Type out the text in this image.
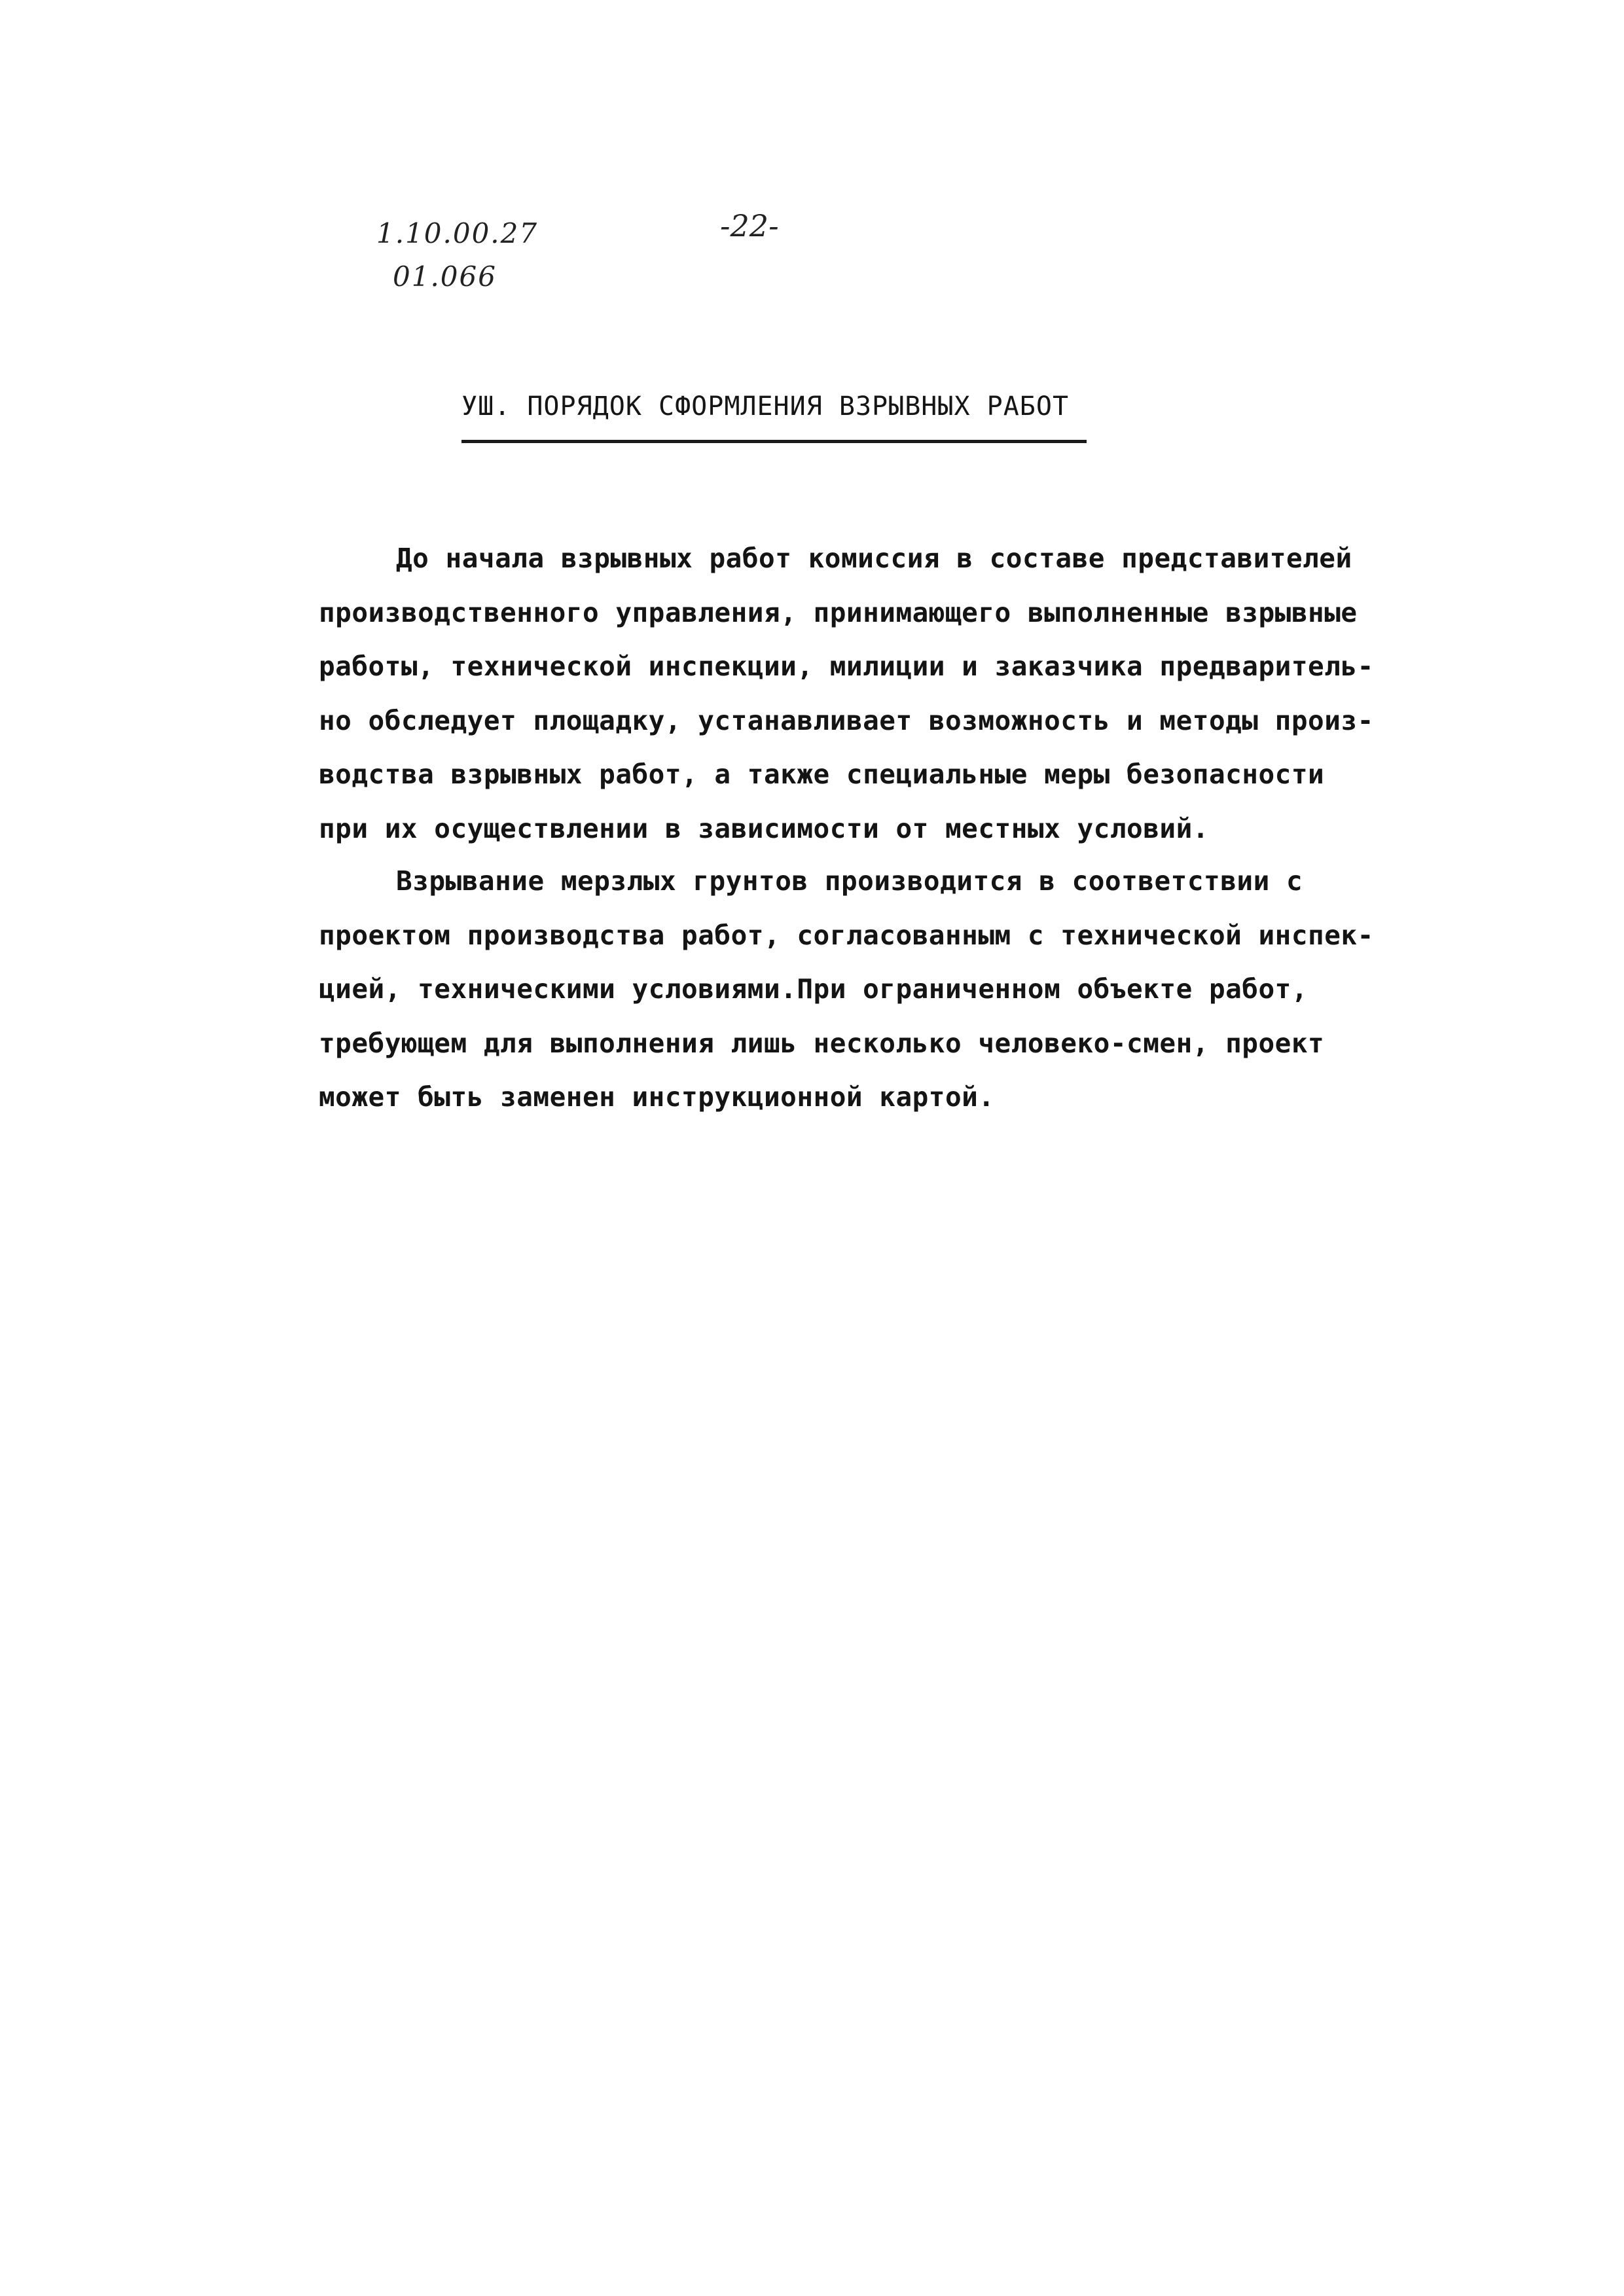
1.10.00.27
01.066
-22-
УШ. ПОРЯДОК СФОРМЛЕНИЯ ВЗРЫВНЫХ РАБОТ

До начала взрывных работ комиссия в составе представителей
производственного управления, принимающего выполненные взрывные
работы, технической инспекции, милиции и заказчика предваритель-
но обследует площадку, устанавливает возможность и методы произ-
водства взрывных работ, а также специальные меры безопасности
при их осуществлении в зависимости от местных условий.

Взрывание мерзлых грунтов производится в соответствии с
проектом производства работ, согласованным с технической инспек-
цией, техническими условиями.При ограниченном объекте работ,
требующем для выполнения лишь несколько человеко-смен, проект
может быть заменен инструкционной картой.
